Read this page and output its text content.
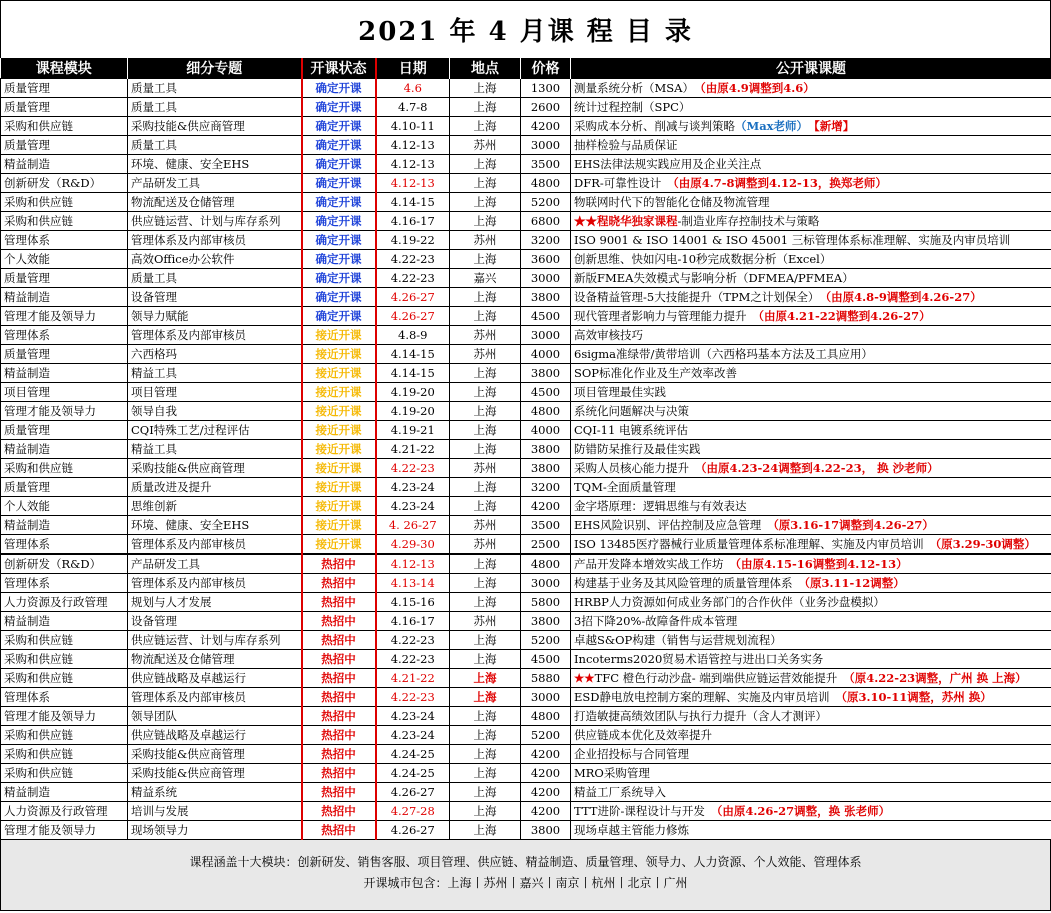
2021 年 4 月课 程 目 录
课程模块	细分专题	开课状态	日期	地点	价格	公开课课题
质量管理	质量工具	确定开课	4.6	上海	1300	测量系统分析（MSA） （由原4.9调整到4.6）
质量管理	质量工具	确定开课	4.7-8	上海	2600	统计过程控制（SPC）
采购和供应链	采购技能&供应商管理	确定开课	4.10-11	上海	4200	采购成本分析、削减与谈判策略（Max老师） 【新增】
质量管理	质量工具	确定开课	4.12-13	苏州	3000	抽样检验与品质保证
精益制造	环境、健康、安全EHS	确定开课	4.12-13	上海	3500	EHS法律法规实践应用及企业关注点
创新研发（R&D）	产品研发工具	确定开课	4.12-13	上海	4800	DFR-可靠性设计 （由原4.7-8调整到4.12-13，换郑老师）
采购和供应链	物流配送及仓储管理	确定开课	4.14-15	上海	5200	物联网时代下的智能化仓储及物流管理
采购和供应链	供应链运营、计划与库存系列	确定开课	4.16-17	上海	6800	★★程晓华独家课程-制造业库存控制技术与策略
管理体系	管理体系及内部审核员	确定开课	4.19-22	苏州	3200	ISO 9001 & ISO 14001 & ISO 45001 三标管理体系标准理解、实施及内审员培训
个人效能	高效Office办公软件	确定开课	4.22-23	上海	3600	创新思维、快如闪电-10秒完成数据分析（Excel）
质量管理	质量工具	确定开课	4.22-23	嘉兴	3000	新版FMEA失效模式与影响分析（DFMEA/PFMEA）
精益制造	设备管理	确定开课	4.26-27	上海	3800	设备精益管理-5大技能提升（TPM之计划保全） （由原4.8-9调整到4.26-27）
管理才能及领导力	领导力赋能	确定开课	4.26-27	上海	4500	现代管理者影响力与管理能力提升 （由原4.21-22调整到4.26-27）
管理体系	管理体系及内部审核员	接近开课	4.8-9	苏州	3000	高效审核技巧
质量管理	六西格玛	接近开课	4.14-15	苏州	4000	6sigma准绿带/黄带培训（六西格玛基本方法及工具应用）
精益制造	精益工具	接近开课	4.14-15	上海	3800	SOP标准化作业及生产效率改善
项目管理	项目管理	接近开课	4.19-20	上海	4500	项目管理最佳实践
管理才能及领导力	领导自我	接近开课	4.19-20	上海	4800	系统化问题解决与决策
质量管理	CQI特殊工艺/过程评估	接近开课	4.19-21	上海	4000	CQI-11 电镀系统评估
精益制造	精益工具	接近开课	4.21-22	上海	3800	防错防呆推行及最佳实践
采购和供应链	采购技能&供应商管理	接近开课	4.22-23	苏州	3800	采购人员核心能力提升 （由原4.23-24调整到4.22-23， 换 沙老师）
质量管理	质量改进及提升	接近开课	4.23-24	上海	3200	TQM-全面质量管理
个人效能	思维创新	接近开课	4.23-24	上海	4200	金字塔原理：逻辑思维与有效表达
精益制造	环境、健康、安全EHS	接近开课	4. 26-27	苏州	3500	EHS风险识别、评估控制及应急管理 （原3.16-17调整到4.26-27）
管理体系	管理体系及内部审核员	接近开课	4.29-30	苏州	2500	ISO 13485医疗器械行业质量管理体系标准理解、实施及内审员培训 （原3.29-30调整）
创新研发（R&D）	产品研发工具	热招中	4.12-13	上海	4800	产品开发降本增效实战工作坊 （由原4.15-16调整到4.12-13）
管理体系	管理体系及内部审核员	热招中	4.13-14	上海	3000	构建基于业务及其风险管理的质量管理体系 （原3.11-12调整）
人力资源及行政管理	规划与人才发展	热招中	4.15-16	上海	5800	HRBP人力资源如何成业务部门的合作伙伴（业务沙盘模拟）
精益制造	设备管理	热招中	4.16-17	苏州	3800	3招下降20%-故障备件成本管理
采购和供应链	供应链运营、计划与库存系列	热招中	4.22-23	上海	5200	卓越S&OP构建（销售与运营规划流程）
采购和供应链	物流配送及仓储管理	热招中	4.22-23	上海	4500	Incoterms2020贸易术语管控与进出口关务实务
采购和供应链	供应链战略及卓越运行	热招中	4.21-22	上海	5880	★★TFC 橙色行动沙盘- 端到端供应链运营效能提升 （原4.22-23调整，广州 换 上海）
管理体系	管理体系及内部审核员	热招中	4.22-23	上海	3000	ESD静电放电控制方案的理解、实施及内审员培训 （原3.10-11调整，苏州 换）
管理才能及领导力	领导团队	热招中	4.23-24	上海	4800	打造敏捷高绩效团队与执行力提升（含人才测评）
采购和供应链	供应链战略及卓越运行	热招中	4.23-24	上海	5200	供应链成本优化及效率提升
采购和供应链	采购技能&供应商管理	热招中	4.24-25	上海	4200	企业招投标与合同管理
采购和供应链	采购技能&供应商管理	热招中	4.24-25	上海	4200	MRO采购管理
精益制造	精益系统	热招中	4.26-27	上海	4200	精益工厂系统导入
人力资源及行政管理	培训与发展	热招中	4.27-28	上海	4200	TTT进阶-课程设计与开发 （由原4.26-27调整，换 张老师）
管理才能及领导力	现场领导力	热招中	4.26-27	上海	3800	现场卓越主管能力修炼
课程涵盖十大模块：创新研发、销售客服、项目管理、供应链、精益制造、质量管理、领导力、人力资源、个人效能、管理体系
开课城市包含：上海丨苏州丨嘉兴丨南京丨杭州丨北京丨广州
